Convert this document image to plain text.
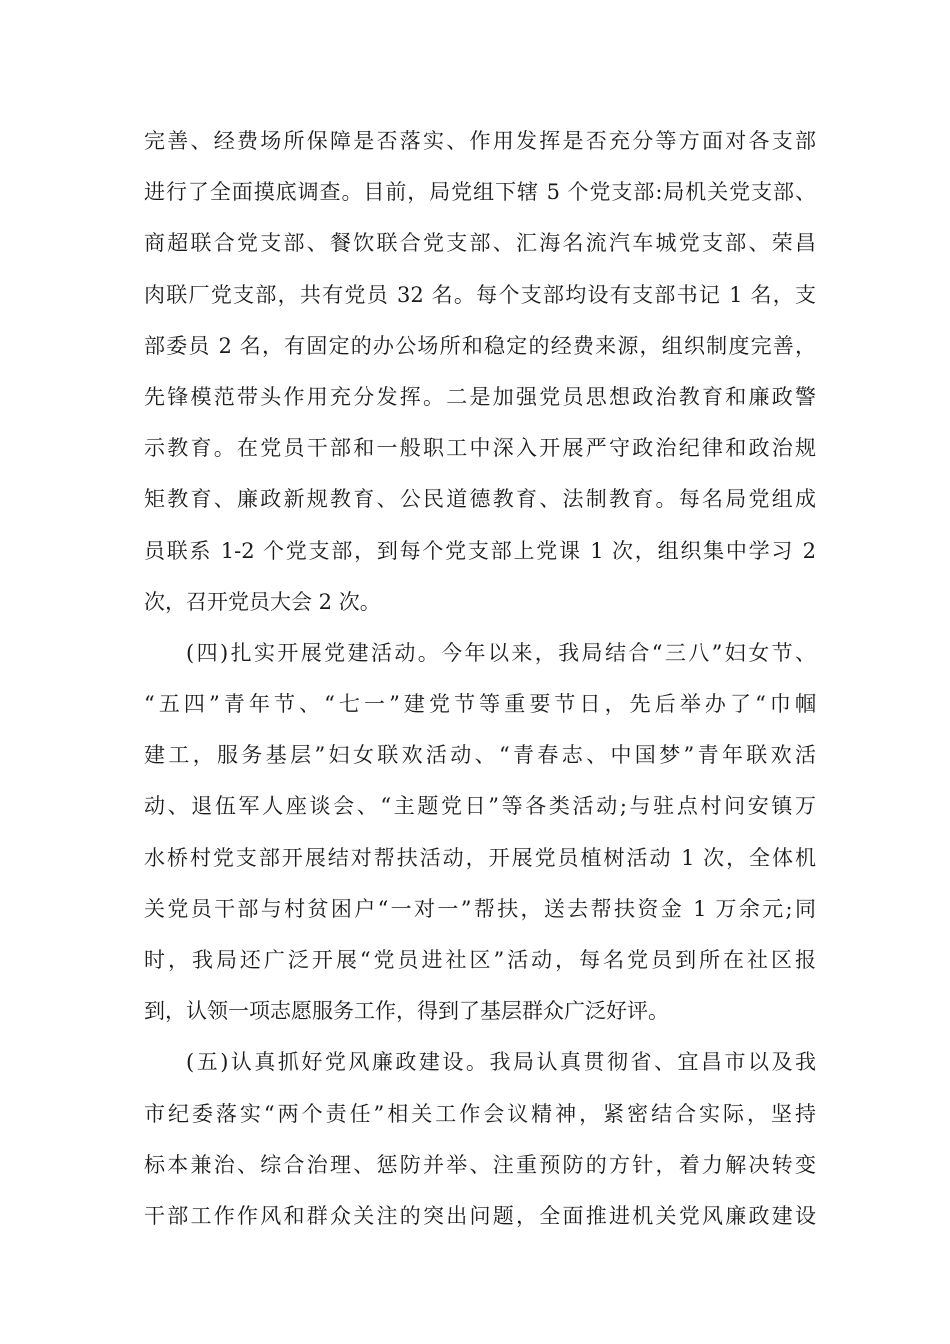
完善、经费场所保障是否落实、作用发挥是否充分等方面对各支部
进行了全面摸底调查。目前，局党组下辖 5 个党支部:局机关党支部、
商超联合党支部、餐饮联合党支部、汇海名流汽车城党支部、荣昌
肉联厂党支部，共有党员 32 名。每个支部均设有支部书记 1 名，支
部委员 2 名，有固定的办公场所和稳定的经费来源，组织制度完善，
先锋模范带头作用充分发挥。二是加强党员思想政治教育和廉政警
示教育。在党员干部和一般职工中深入开展严守政治纪律和政治规
矩教育、廉政新规教育、公民道德教育、法制教育。每名局党组成
员联系 1-2 个党支部，到每个党支部上党课 1 次，组织集中学习 2
次，召开党员大会 2 次。
(四)扎实开展党建活动。今年以来，我局结合“三八”妇女节、
“五四”青年节、“七一”建党节等重要节日，先后举办了“巾帼
建工，服务基层”妇女联欢活动、“青春志、中国梦”青年联欢活
动、退伍军人座谈会、“主题党日”等各类活动;与驻点村问安镇万
水桥村党支部开展结对帮扶活动，开展党员植树活动 1 次，全体机
关党员干部与村贫困户“一对一”帮扶，送去帮扶资金 1 万余元;同
时，我局还广泛开展“党员进社区”活动，每名党员到所在社区报
到，认领一项志愿服务工作，得到了基层群众广泛好评。
(五)认真抓好党风廉政建设。我局认真贯彻省、宜昌市以及我
市纪委落实“两个责任”相关工作会议精神，紧密结合实际，坚持
标本兼治、综合治理、惩防并举、注重预防的方针，着力解决转变
干部工作作风和群众关注的突出问题，全面推进机关党风廉政建设
